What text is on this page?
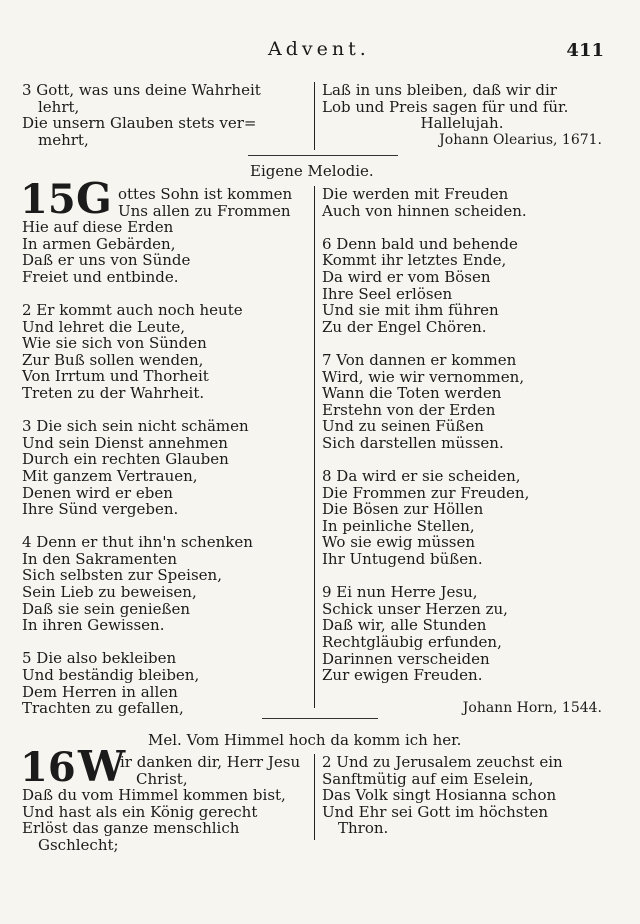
Advent.	411
3 Gott, was uns deine Wahrheit
lehrt,
Die unsern Glauben stets ver=
mehrt,
Laß in uns bleiben, daß wir dir
Lob und Preis sagen für und für.
Hallelujah.
Johann Olearius, 1671.
Eigene Melodie.
15 G ottes Sohn ist kommen
Uns allen zu Frommen
Hie auf diese Erden
In armen Gebärden,
Daß er uns von Sünde
Freiet und entbinde.
2 Er kommt auch noch heute
Und lehret die Leute,
Wie sie sich von Sünden
Zur Buß sollen wenden,
Von Irrtum und Thorheit
Treten zu der Wahrheit.
3 Die sich sein nicht schämen
Und sein Dienst annehmen
Durch ein rechten Glauben
Mit ganzem Vertrauen,
Denen wird er eben
Ihre Sünd vergeben.
4 Denn er thut ihn'n schenken
In den Sakramenten
Sich selbsten zur Speisen,
Sein Lieb zu beweisen,
Daß sie sein genießen
In ihren Gewissen.
5 Die also bekleiben
Und beständig bleiben,
Dem Herren in allen
Trachten zu gefallen,
Die werden mit Freuden
Auch von hinnen scheiden.
6 Denn bald und behende
Kommt ihr letztes Ende,
Da wird er vom Bösen
Ihre Seel erlösen
Und sie mit ihm führen
Zu der Engel Chören.
7 Von dannen er kommen
Wird, wie wir vernommen,
Wann die Toten werden
Erstehn von der Erden
Und zu seinen Füßen
Sich darstellen müssen.
8 Da wird er sie scheiden,
Die Frommen zur Freuden,
Die Bösen zur Höllen
In peinliche Stellen,
Wo sie ewig müssen
Ihr Untugend büßen.
9 Ei nun Herre Jesu,
Schick unser Herzen zu,
Daß wir, alle Stunden
Rechtgläubig erfunden,
Darinnen verscheiden
Zur ewigen Freuden.
Johann Horn, 1544.
Mel. Vom Himmel hoch da komm ich her.
16 W
ir danken dir, Herr Jesu
Christ,
Daß du vom Himmel kommen bist,
Und hast als ein König gerecht
Erlöst das ganze menschlich
Gschlecht;
2 Und zu Jerusalem zeuchst ein
Sanftmütig auf eim Eselein,
Das Volk singt Hosianna schon
Und Ehr sei Gott im höchsten
Thron.
